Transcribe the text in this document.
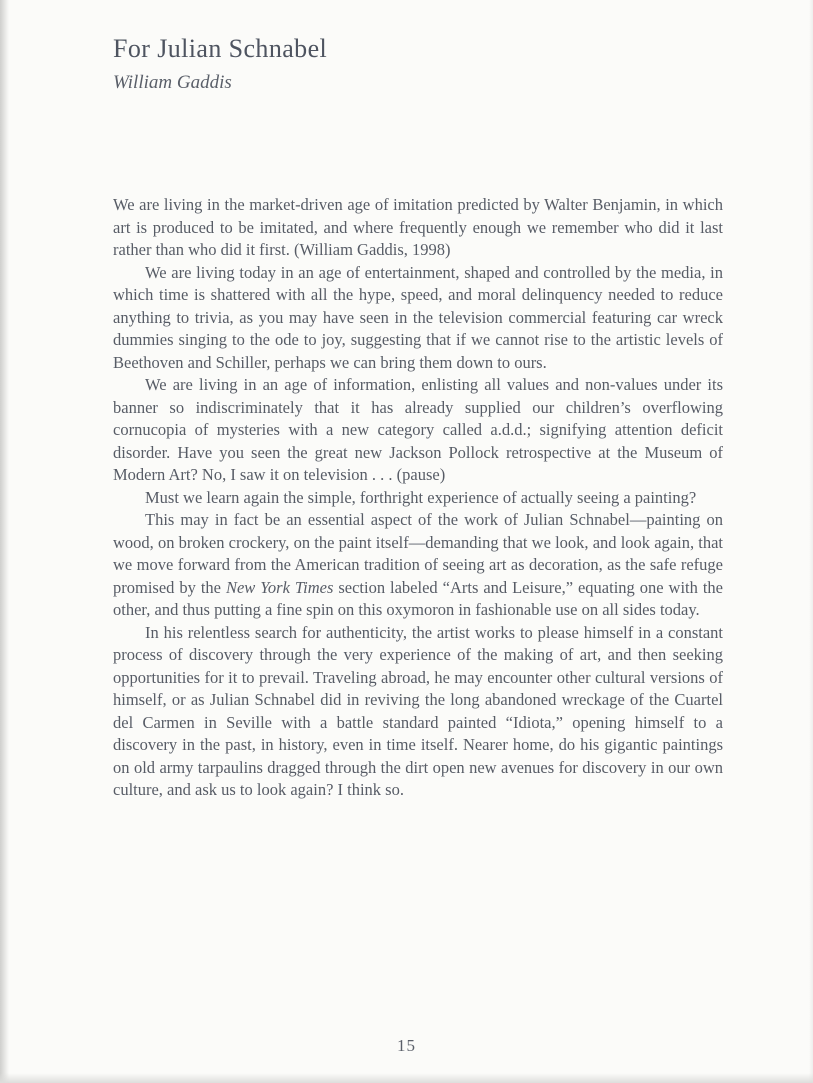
For Julian Schnabel
William Gaddis

We are living in the market-driven age of imitation predicted by Walter Benjamin, in which art is produced to be imitated, and where frequently enough we remember who did it last rather than who did it first. (William Gaddis, 1998)

We are living today in an age of entertainment, shaped and controlled by the media, in which time is shattered with all the hype, speed, and moral delinquency needed to reduce anything to trivia, as you may have seen in the television commercial featuring car wreck dummies singing to the ode to joy, suggesting that if we cannot rise to the artistic levels of Beethoven and Schiller, perhaps we can bring them down to ours.

We are living in an age of information, enlisting all values and non-values under its banner so indiscriminately that it has already supplied our children’s overflowing cornucopia of mysteries with a new category called a.d.d.; signifying attention deficit disorder. Have you seen the great new Jackson Pollock retrospective at the Museum of Modern Art? No, I saw it on television . . . (pause)

Must we learn again the simple, forthright experience of actually seeing a painting?

This may in fact be an essential aspect of the work of Julian Schnabel—painting on wood, on broken crockery, on the paint itself—demanding that we look, and look again, that we move forward from the American tradition of seeing art as decoration, as the safe refuge promised by the New York Times section labeled “Arts and Leisure,” equating one with the other, and thus putting a fine spin on this oxymoron in fashionable use on all sides today.

In his relentless search for authenticity, the artist works to please himself in a constant process of discovery through the very experience of the making of art, and then seeking opportunities for it to prevail. Traveling abroad, he may encounter other cultural versions of himself, or as Julian Schnabel did in reviving the long abandoned wreckage of the Cuartel del Carmen in Seville with a battle standard painted “Idiota,” opening himself to a discovery in the past, in history, even in time itself. Nearer home, do his gigantic paintings on old army tarpaulins dragged through the dirt open new avenues for discovery in our own culture, and ask us to look again? I think so.

15
